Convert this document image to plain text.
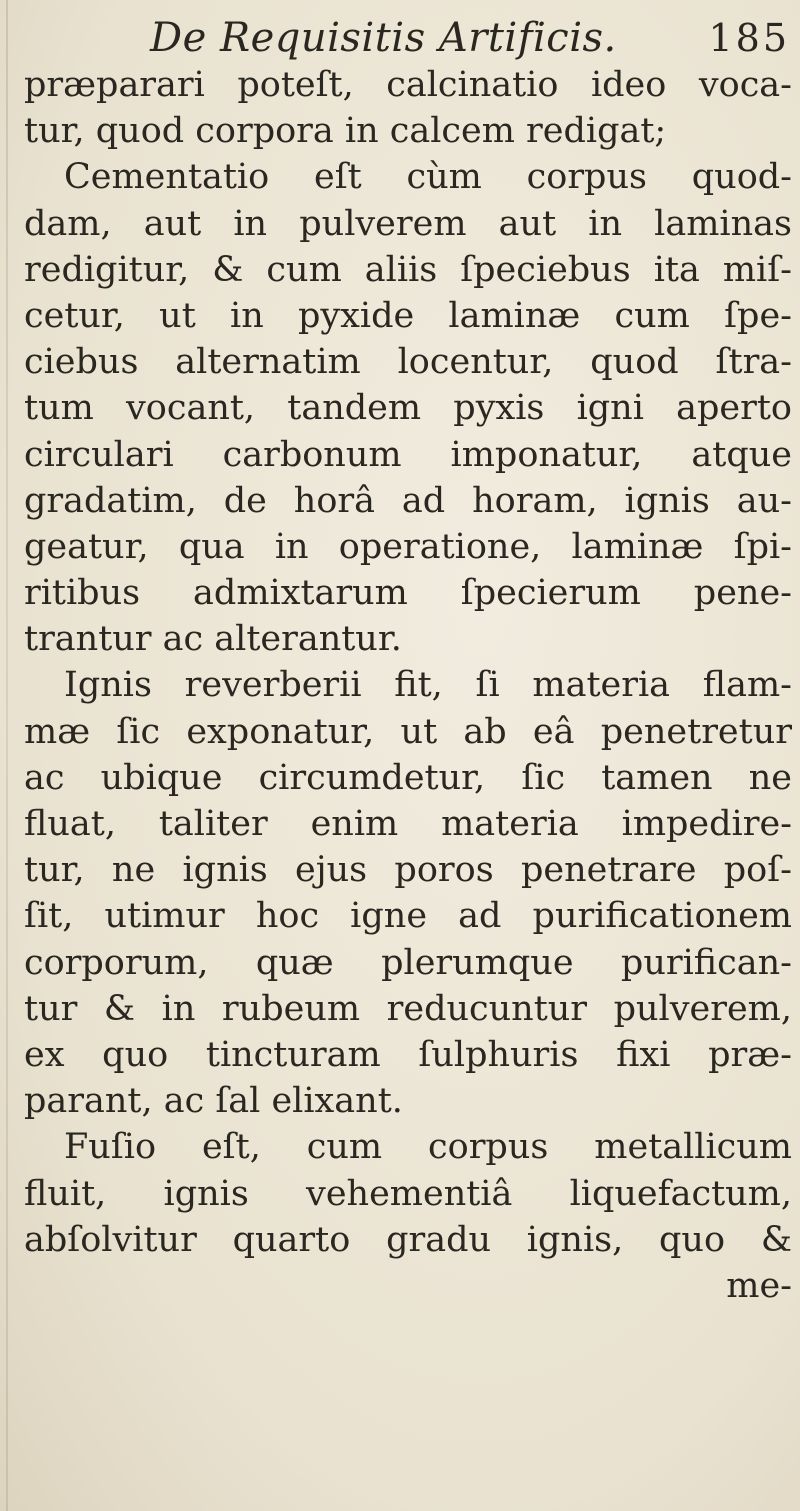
De Requisitis Artificis. 185
præparari poteſt, calcinatio ideo voca-
tur, quod corpora in calcem redigat;
Cementatio eſt cùm corpus quod-
dam, aut in pulverem aut in laminas
redigitur, & cum aliis ſpeciebus ita miſ-
cetur, ut in pyxide laminæ cum ſpe-
ciebus alternatim locentur, quod ſtra-
tum vocant, tandem pyxis igni aperto
circulari carbonum imponatur, atque
gradatim, de horâ ad horam, ignis au-
geatur, qua in operatione, laminæ ſpi-
ritibus admixtarum ſpecierum pene-
trantur ac alterantur.
Ignis reverberii fit, ſi materia flam-
mæ ſic exponatur, ut ab eâ penetretur
ac ubique circumdetur, ſic tamen ne
fluat, taliter enim materia impedire-
tur, ne ignis ejus poros penetrare poſ-
ſit, utimur hoc igne ad purificationem
corporum, quæ plerumque purifican-
tur & in rubeum reducuntur pulverem,
ex quo tincturam ſulphuris fixi præ-
parant, ac ſal elixant.
Fuſio eſt, cum corpus metallicum
fluit, ignis vehementiâ liquefactum,
abſolvitur quarto gradu ignis, quo &
me-
